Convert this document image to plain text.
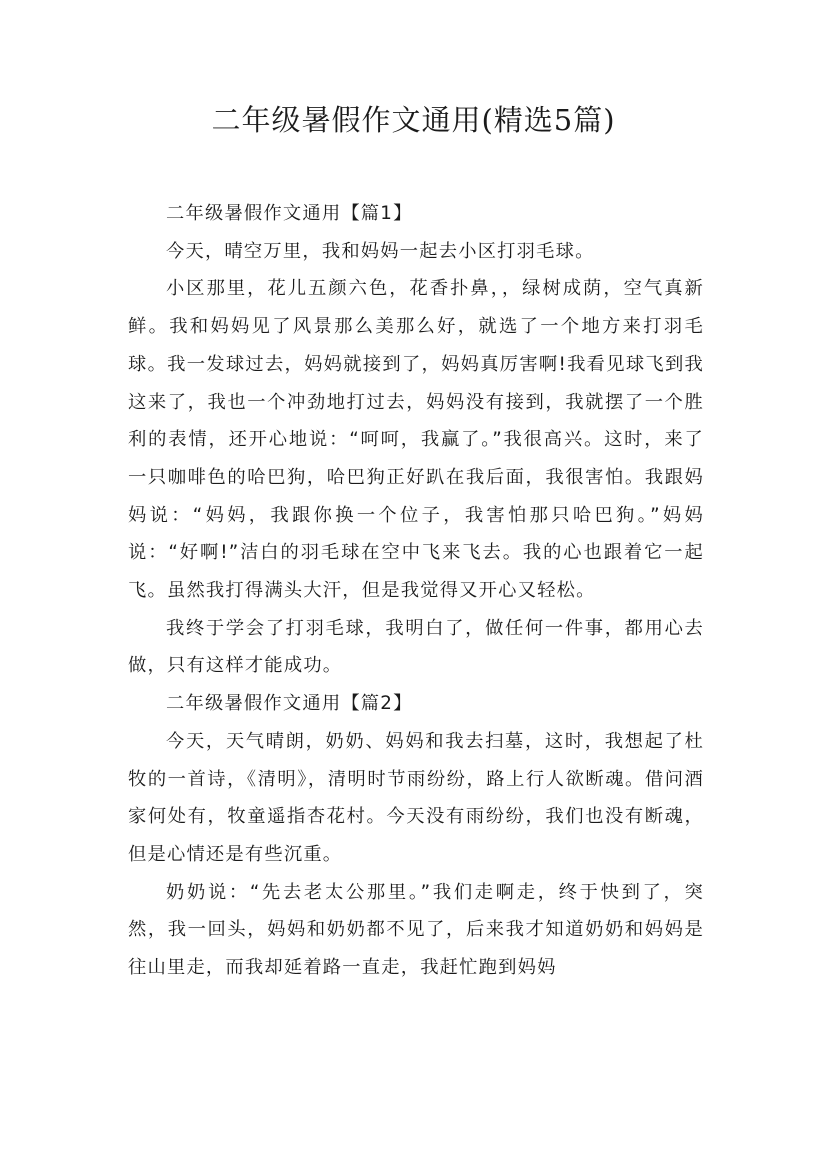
二年级暑假作文通用(精选5篇)

二年级暑假作文通用【篇1】

今天，晴空万里，我和妈妈一起去小区打羽毛球。

小区那里，花儿五颜六色，花香扑鼻，，绿树成荫，空气真新鲜。我和妈妈见了风景那么美那么好，就选了一个地方来打羽毛球。我一发球过去，妈妈就接到了，妈妈真厉害啊!我看见球飞到我这来了，我也一个冲劲地打过去，妈妈没有接到，我就摆了一个胜利的表情，还开心地说：“呵呵，我赢了。”我很高兴。这时，来了一只咖啡色的哈巴狗，哈巴狗正好趴在我后面，我很害怕。我跟妈妈说：“妈妈，我跟你换一个位子，我害怕那只哈巴狗。”妈妈说：“好啊!”洁白的羽毛球在空中飞来飞去。我的心也跟着它一起飞。虽然我打得满头大汗，但是我觉得又开心又轻松。

我终于学会了打羽毛球，我明白了，做任何一件事，都用心去做，只有这样才能成功。

二年级暑假作文通用【篇2】

今天，天气晴朗，奶奶、妈妈和我去扫墓，这时，我想起了杜牧的一首诗，《清明》，清明时节雨纷纷，路上行人欲断魂。借问酒家何处有，牧童遥指杏花村。今天没有雨纷纷，我们也没有断魂，但是心情还是有些沉重。

奶奶说：“先去老太公那里。”我们走啊走，终于快到了，突然，我一回头，妈妈和奶奶都不见了，后来我才知道奶奶和妈妈是往山里走，而我却延着路一直走，我赶忙跑到妈妈
